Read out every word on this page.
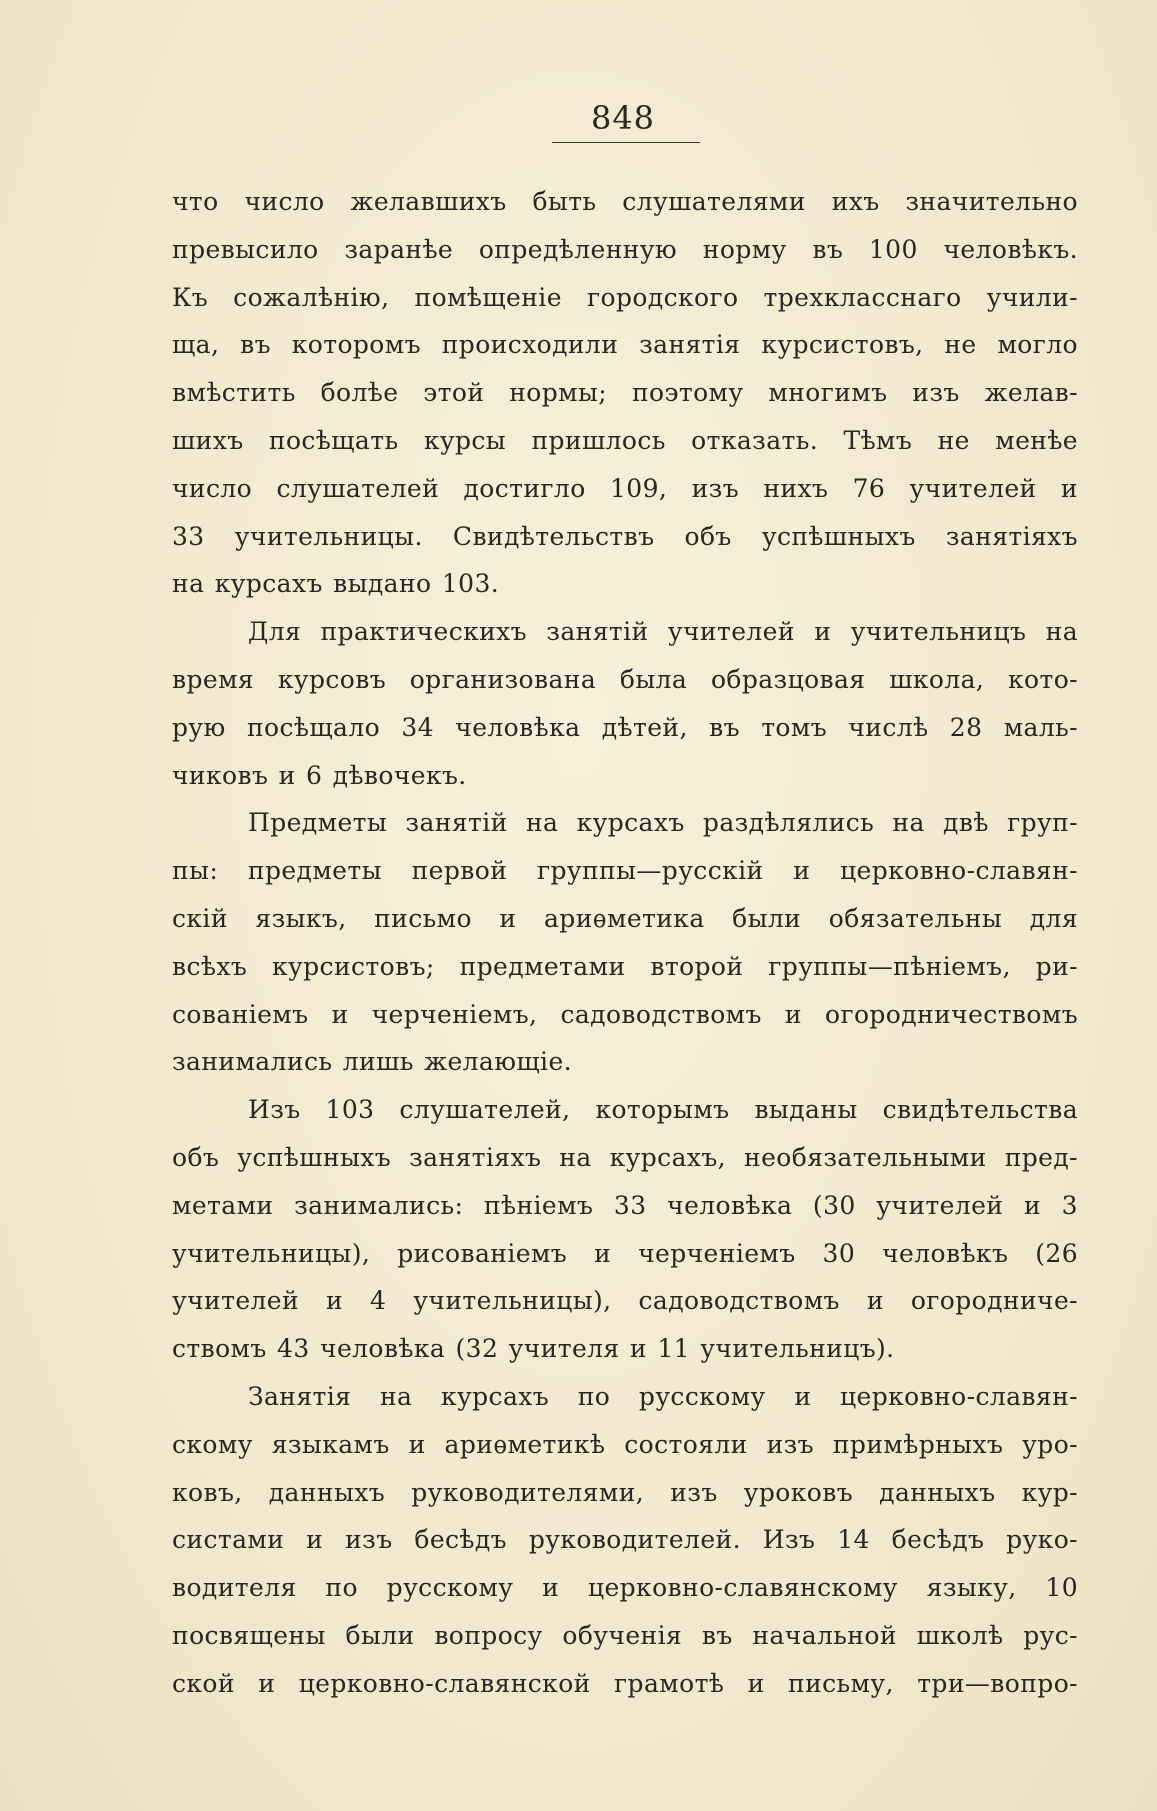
848
что число желавшихъ быть слушателями ихъ значительно
превысило заранѣе опредѣленную норму въ 100 человѣкъ.
Къ сожалѣнію, помѣщеніе городского трехкласснаго учили-
ща, въ которомъ происходили занятія курсистовъ, не могло
вмѣстить болѣе этой нормы; поэтому многимъ изъ желав-
шихъ посѣщать курсы пришлось отказать. Тѣмъ не менѣе
число слушателей достигло 109, изъ нихъ 76 учителей и
33 учительницы. Свидѣтельствъ объ успѣшныхъ занятіяхъ
на курсахъ выдано 103.
Для практическихъ занятій учителей и учительницъ на
время курсовъ организована была образцовая школа, кото-
рую посѣщало 34 человѣка дѣтей, въ томъ числѣ 28 маль-
чиковъ и 6 дѣвочекъ.
Предметы занятій на курсахъ раздѣлялись на двѣ груп-
пы: предметы первой группы—русскій и церковно-славян-
скій языкъ, письмо и ариѳметика были обязательны для
всѣхъ курсистовъ; предметами второй группы—пѣніемъ, ри-
сованіемъ и черченіемъ, садоводствомъ и огородничествомъ
занимались лишь желающіе.
Изъ 103 слушателей, которымъ выданы свидѣтельства
объ успѣшныхъ занятіяхъ на курсахъ, необязательными пред-
метами занимались: пѣніемъ 33 человѣка (30 учителей и 3
учительницы), рисованіемъ и черченіемъ 30 человѣкъ (26
учителей и 4 учительницы), садоводствомъ и огородниче-
ствомъ 43 человѣка (32 учителя и 11 учительницъ).
Занятія на курсахъ по русскому и церковно-славян-
скому языкамъ и ариѳметикѣ состояли изъ примѣрныхъ уро-
ковъ, данныхъ руководителями, изъ уроковъ данныхъ кур-
систами и изъ бесѣдъ руководителей. Изъ 14 бесѣдъ руко-
водителя по русскому и церковно-славянскому языку, 10
посвящены были вопросу обученія въ начальной школѣ рус-
ской и церковно-славянской грамотѣ и письму, три—вопро-
